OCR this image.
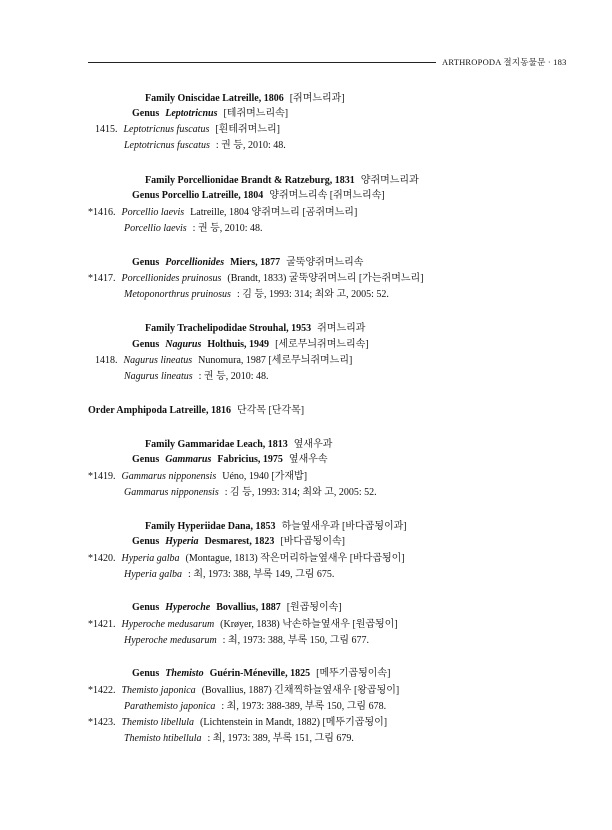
ARTHROPODA 절지동물문 · 183
Family Oniscidae Latreille, 1806 [쥐며느리과]
Genus Leptotricnus [테쥐며느리속]
1415. Leptotricnus fuscatus [흰테쥐며느리]
Leptotricnus fuscatus : 권 등, 2010: 48.
Family Porcellionidae Brandt & Ratzeburg, 1831 양쥐며느리과
Genus Porcellio Latreille, 1804 양쥐며느리속 [쥐며느리속]
*1416. Porcellio laevis Latreille, 1804 양쥐며느리 [곰쥐며느리]
Porcellio laevis : 권 등, 2010: 48.
Genus Porcellionides Miers, 1877 굴뚝양쥐며느리속
*1417. Porcellionides pruinosus (Brandt, 1833) 굴뚝양쥐며느리 [가는쥐며느리]
Metoponorthrus pruinosus : 김 등, 1993: 314; 최와 고, 2005: 52.
Family Trachelipodidae Strouhal, 1953 쥐며느리과
Genus Nagurus Holthuis, 1949 [세로무늬쥐며느리속]
1418. Nagurus lineatus Nunomura, 1987 [세로무늬쥐며느리]
Nagurus lineatus : 권 등, 2010: 48.
Order Amphipoda Latreille, 1816 단각목 [단각목]
Family Gammaridae Leach, 1813 옆새우과
Genus Gammarus Fabricius, 1975 옆새우속
*1419. Gammarus nipponensis Uéno, 1940 [가재밥]
Gammarus nipponensis : 김 등, 1993: 314; 최와 고, 2005: 52.
Family Hyperiidae Dana, 1853 하늘옆새우과 [바다곱됭이과]
Genus Hyperia Desmarest, 1823 [바다곱됭이속]
*1420. Hyperia galba (Montague, 1813) 작은머리하늘옆새우 [바다곱됭이]
Hyperia galba : 최, 1973: 388, 부록 149, 그림 675.
Genus Hyperoche Bovallius, 1887 [원곱됭이속]
*1421. Hyperoche medusarum (Krøyer, 1838) 낙손하늘옆새우 [원곱됭이]
Hyperoche medusarum : 최, 1973: 388, 부록 150, 그림 677.
Genus Themisto Guérin-Méneville, 1825 [메뚜기곱됭이속]
*1422. Themisto japonica (Bovallius, 1887) 긴채찍하늘옆새우 [왕곱됭이]
Parathemisto japonica : 최, 1973: 388-389, 부록 150, 그림 678.
*1423. Themisto libellula (Lichtenstein in Mandt, 1882) [메뚜기곱됭이]
Themisto htibellula : 최, 1973: 389, 부록 151, 그림 679.
